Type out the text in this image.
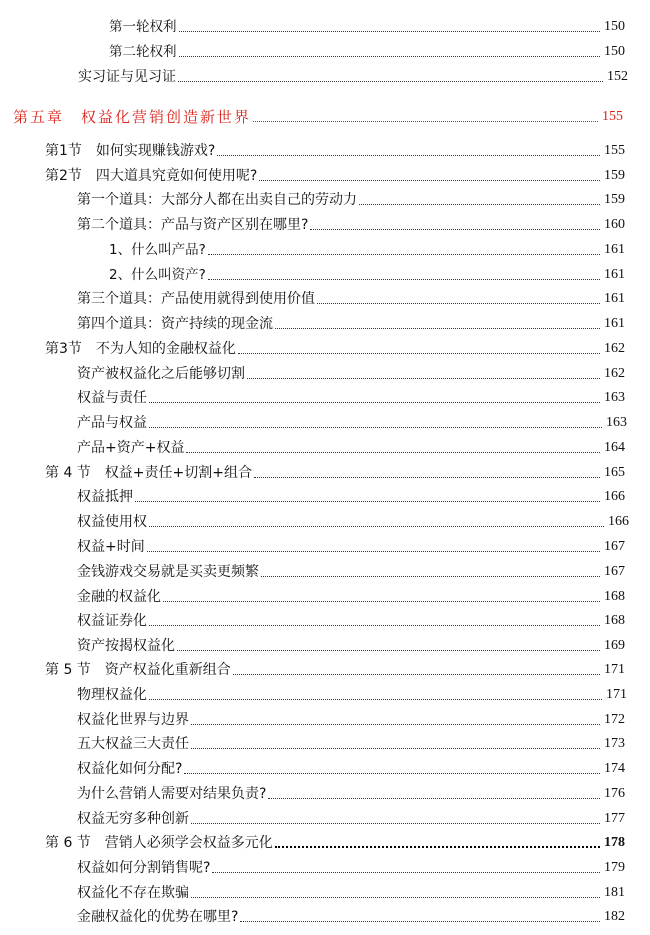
第一轮权利	150
第二轮权利	150
实习证与见习证	152
第五章　权益化营销创造新世界	155
第1节　如何实现赚钱游戏?	155
第2节　四大道具究竟如何使用呢?	159
第一个道具：大部分人都在出卖自己的劳动力	159
第二个道具：产品与资产区别在哪里?	160
1、什么叫产品?	161
2、什么叫资产?	161
第三个道具：产品使用就得到使用价值	161
第四个道具：资产持续的现金流	161
第3节　不为人知的金融权益化	162
资产被权益化之后能够切割	162
权益与责任	163
产品与权益	163
产品+资产+权益	164
第 4 节　权益+责任+切割+组合	165
权益抵押	166
权益使用权	166
权益+时间	167
金钱游戏交易就是买卖更频繁	167
金融的权益化	168
权益证券化	168
资产按揭权益化	169
第 5 节　资产权益化重新组合	171
物理权益化	171
权益化世界与边界	172
五大权益三大责任	173
权益化如何分配?	174
为什么营销人需要对结果负责?	176
权益无穷多种创新	177
第 6 节　营销人必须学会权益多元化	178
权益如何分割销售呢?	179
权益化不存在欺骗	181
金融权益化的优势在哪里?	182
